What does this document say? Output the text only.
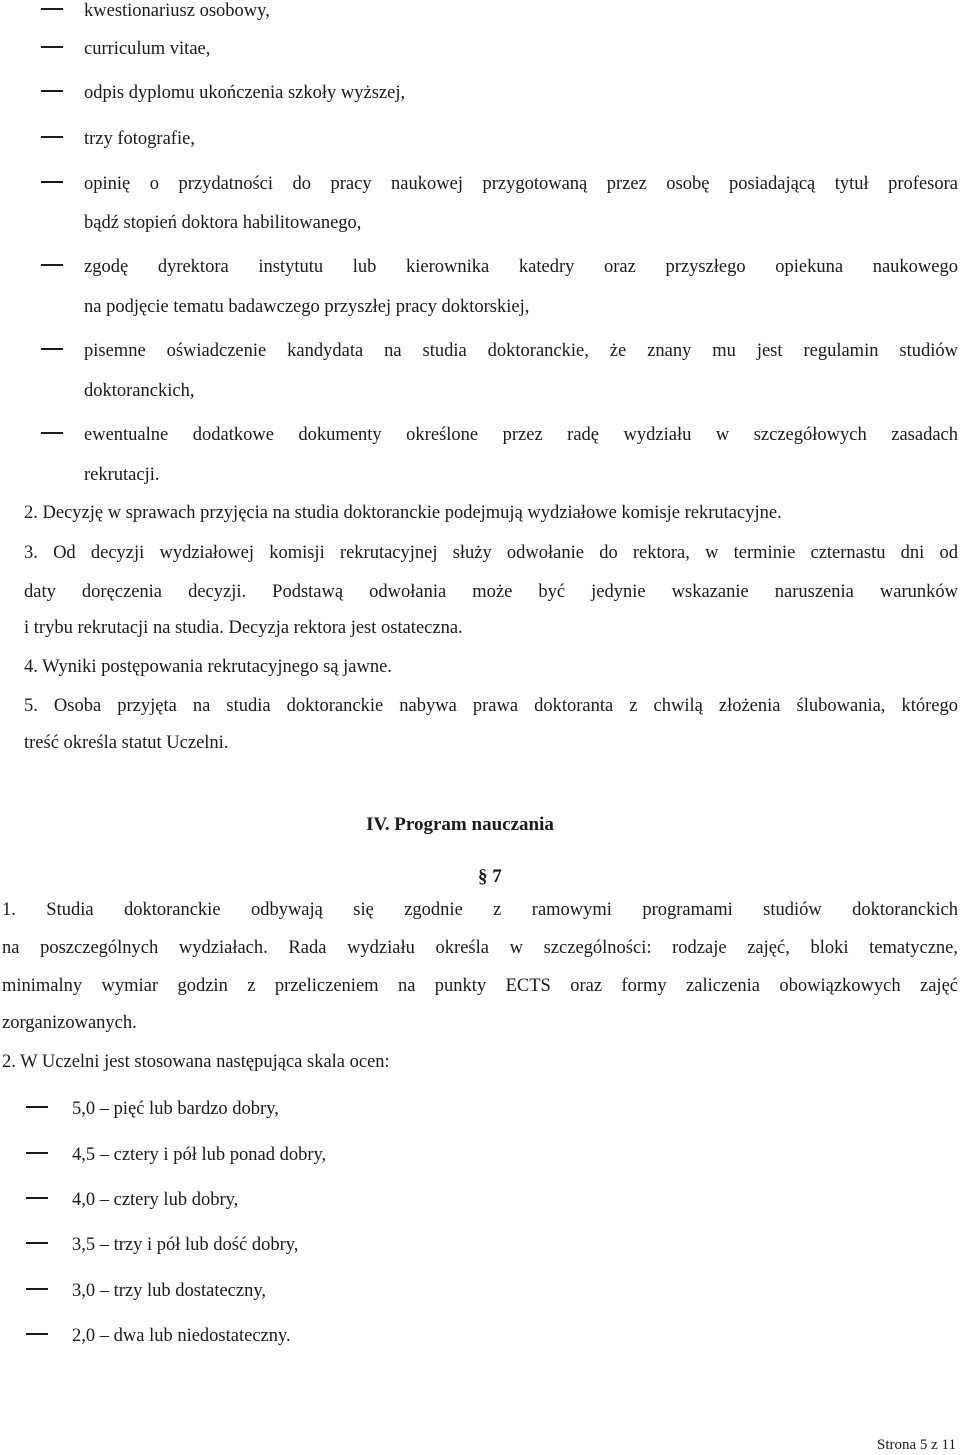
kwestionariusz osobowy,
curriculum vitae,
odpis dyplomu ukończenia szkoły wyższej,
trzy fotografie,
opinię o przydatności do pracy naukowej przygotowaną przez osobę posiadającą tytuł profesora
bądź stopień doktora habilitowanego,
zgodę dyrektora instytutu lub kierownika katedry oraz przyszłego opiekuna naukowego
na podjęcie tematu badawczego przyszłej pracy doktorskiej,
pisemne oświadczenie kandydata na studia doktoranckie, że znany mu jest regulamin studiów
doktoranckich,
ewentualne dodatkowe dokumenty określone przez radę wydziału w szczegółowych zasadach
rekrutacji.
2. Decyzję w sprawach przyjęcia na studia doktoranckie podejmują wydziałowe komisje rekrutacyjne.
3. Od decyzji wydziałowej komisji rekrutacyjnej służy odwołanie do rektora, w terminie czternastu dni od
daty doręczenia decyzji. Podstawą odwołania może być jedynie wskazanie naruszenia warunków
i trybu rekrutacji na studia. Decyzja rektora jest ostateczna.
4. Wyniki postępowania rekrutacyjnego są jawne.
5. Osoba przyjęta na studia doktoranckie nabywa prawa doktoranta z chwilą złożenia ślubowania, którego
treść określa statut Uczelni.
IV. Program nauczania
§ 7
1. Studia doktoranckie odbywają się zgodnie z ramowymi programami studiów doktoranckich
na poszczególnych wydziałach. Rada wydziału określa w szczególności: rodzaje zajęć, bloki tematyczne,
minimalny wymiar godzin z przeliczeniem na punkty ECTS oraz formy zaliczenia obowiązkowych zajęć
zorganizowanych.
2. W Uczelni jest stosowana następująca skala ocen:
5,0 – pięć lub bardzo dobry,
4,5 – cztery i pół lub ponad dobry,
4,0 – cztery lub dobry,
3,5 – trzy i pół lub dość dobry,
3,0 – trzy lub dostateczny,
2,0 – dwa lub niedostateczny.
Strona 5 z 11
